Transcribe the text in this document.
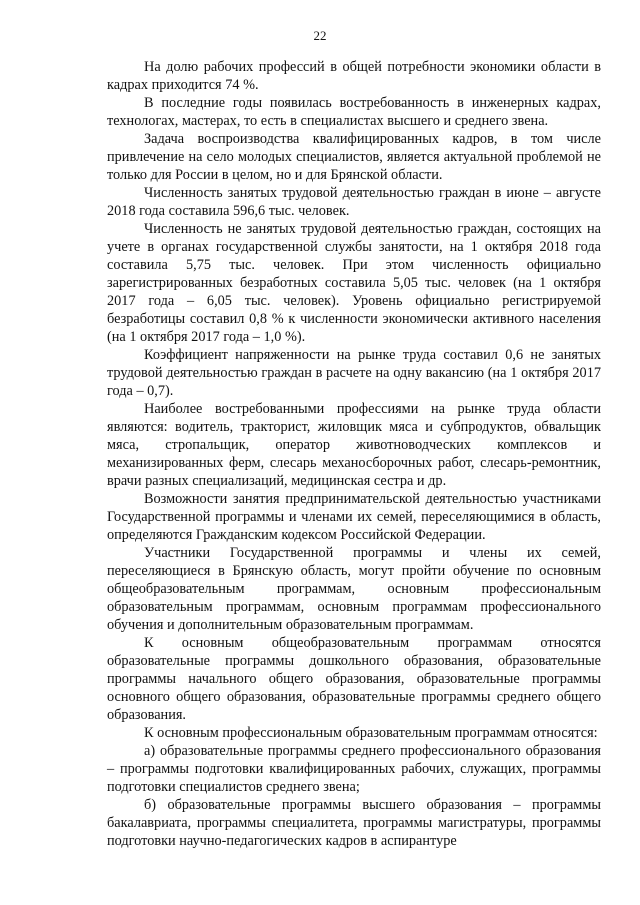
22

На долю рабочих профессий в общей потребности экономики области в кадрах приходится 74 %.

В последние годы появилась востребованность в инженерных кадрах, технологах, мастерах, то есть в специалистах высшего и среднего звена.

Задача воспроизводства квалифицированных кадров, в том числе привлечение на село молодых специалистов, является актуальной проблемой не только для России в целом, но и для Брянской области.

Численность занятых трудовой деятельностью граждан в июне – августе 2018 года составила 596,6 тыс. человек.

Численность не занятых трудовой деятельностью граждан, состоящих на учете в органах государственной службы занятости, на 1 октября 2018 года составила 5,75 тыс. человек. При этом численность официально зарегистрированных безработных составила 5,05 тыс. человек (на 1 октября 2017 года – 6,05 тыс. человек). Уровень официально регистрируемой безработицы составил 0,8 % к численности экономически активного населения (на 1 октября 2017 года – 1,0 %).

Коэффициент напряженности на рынке труда составил 0,6 не занятых трудовой деятельностью граждан в расчете на одну вакансию (на 1 октября 2017 года – 0,7).

Наиболее востребованными профессиями на рынке труда области являются: водитель, тракторист, жиловщик мяса и субпродуктов, обвальщик мяса, стропальщик, оператор животноводческих комплексов и механизированных ферм, слесарь механосборочных работ, слесарь-ремонтник, врачи разных специализаций, медицинская сестра и др.

Возможности занятия предпринимательской деятельностью участниками Государственной программы и членами их семей, переселяющимися в область, определяются Гражданским кодексом Российской Федерации.

Участники Государственной программы и члены их семей, переселяющиеся в Брянскую область, могут пройти обучение по основным общеобразовательным программам, основным профессиональным образовательным программам, основным программам профессионального обучения и дополнительным образовательным программам.

К основным общеобразовательным программам относятся образовательные программы дошкольного образования, образовательные программы начального общего образования, образовательные программы основного общего образования, образовательные программы среднего общего образования.

К основным профессиональным образовательным программам относятся:

а) образовательные программы среднего профессионального образования – программы подготовки квалифицированных рабочих, служащих, программы подготовки специалистов среднего звена;

б) образовательные программы высшего образования – программы бакалавриата, программы специалитета, программы магистратуры, программы подготовки научно-педагогических кадров в аспирантуре
